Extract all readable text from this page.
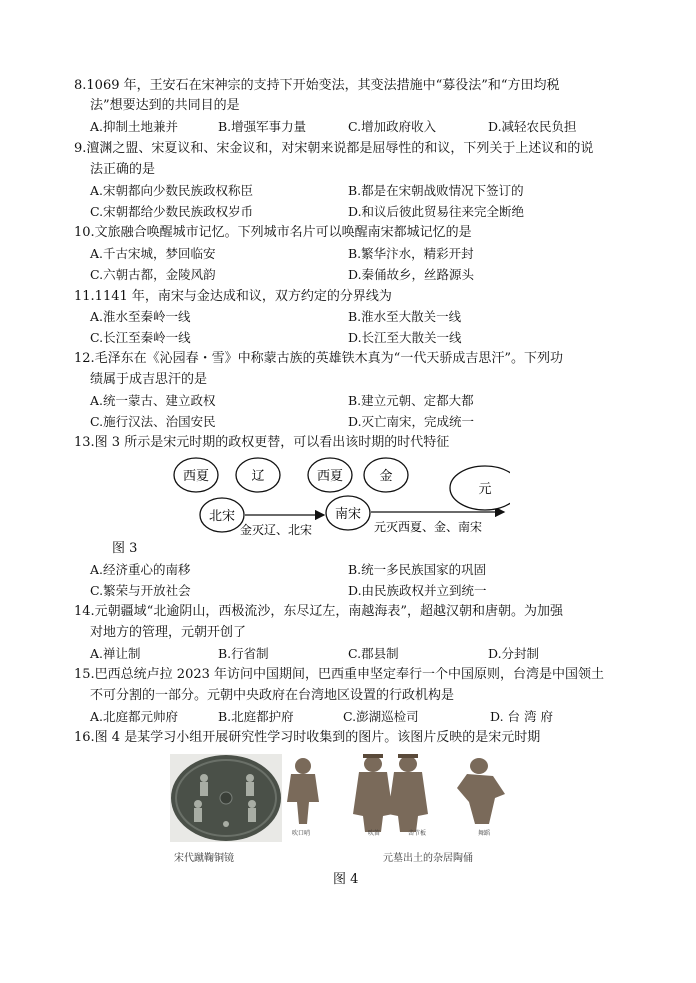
8.1069 年，王安石在宋神宗的支持下开始变法，其变法措施中“募役法”和“方田均税
法”想要达到的共同目的是
A.抑制土地兼并	B.增强军事力量	C.增加政府收入	D.减轻农民负担
9.澶渊之盟、宋夏议和、宋金议和，对宋朝来说都是屈辱性的和议，下列关于上述议和的说
法正确的是
A.宋朝都向少数民族政权称臣	B.都是在宋朝战败情况下签订的
C.宋朝都给少数民族政权岁币	D.和议后彼此贸易往来完全断绝
10.文旅融合唤醒城市记忆。下列城市名片可以唤醒南宋都城记忆的是
A.千古宋城，梦回临安	B.繁华汴水，精彩开封
C.六朝古都，金陵风韵	D.秦俑故乡，丝路源头
11.1141 年，南宋与金达成和议，双方约定的分界线为
A.淮水至秦岭一线	B.淮水至大散关一线
C.长江至秦岭一线	D.长江至大散关一线
12.毛泽东在《沁园春・雪》中称蒙古族的英雄铁木真为“一代天骄成吉思汗”。下列功
绩属于成吉思汗的是
A.统一蒙古、建立政权	B.建立元朝、定都大都
C.施行汉法、治国安民	D.灭亡南宋，完成统一
13.图 3 所示是宋元时期的政权更替，可以看出该时期的时代特征
西夏	辽
北宋
金灭辽、北宋
西夏	金
南宋
元灭西夏、金、南宋
元
图 3
A.经济重心的南移	B.统一多民族国家的巩固
C.繁荣与开放社会	D.由民族政权并立到统一
14.元朝疆域“北逾阴山，西极流沙，东尽辽左，南越海表”，超越汉朝和唐朝。为加强
对地方的管理，元朝开创了
A.禅让制	B.行省制	C.郡县制	D.分封制
15.巴西总统卢拉 2023 年访问中国期间，巴西重申坚定奉行一个中国原则，台湾是中国领土
不可分割的一部分。元朝中央政府在台湾地区设置的行政机构是
A.北庭都元帅府	B.北庭都护府	C.澎湖巡检司	D. 台 湾 府
16.图 4 是某学习小组开展研究性学习时收集到的图片。该图片反映的是宋元时期
吹口哨	吹笛	击节板	舞蹈
宋代蹴鞠铜镜	元墓出土的杂居陶俑
图 4
